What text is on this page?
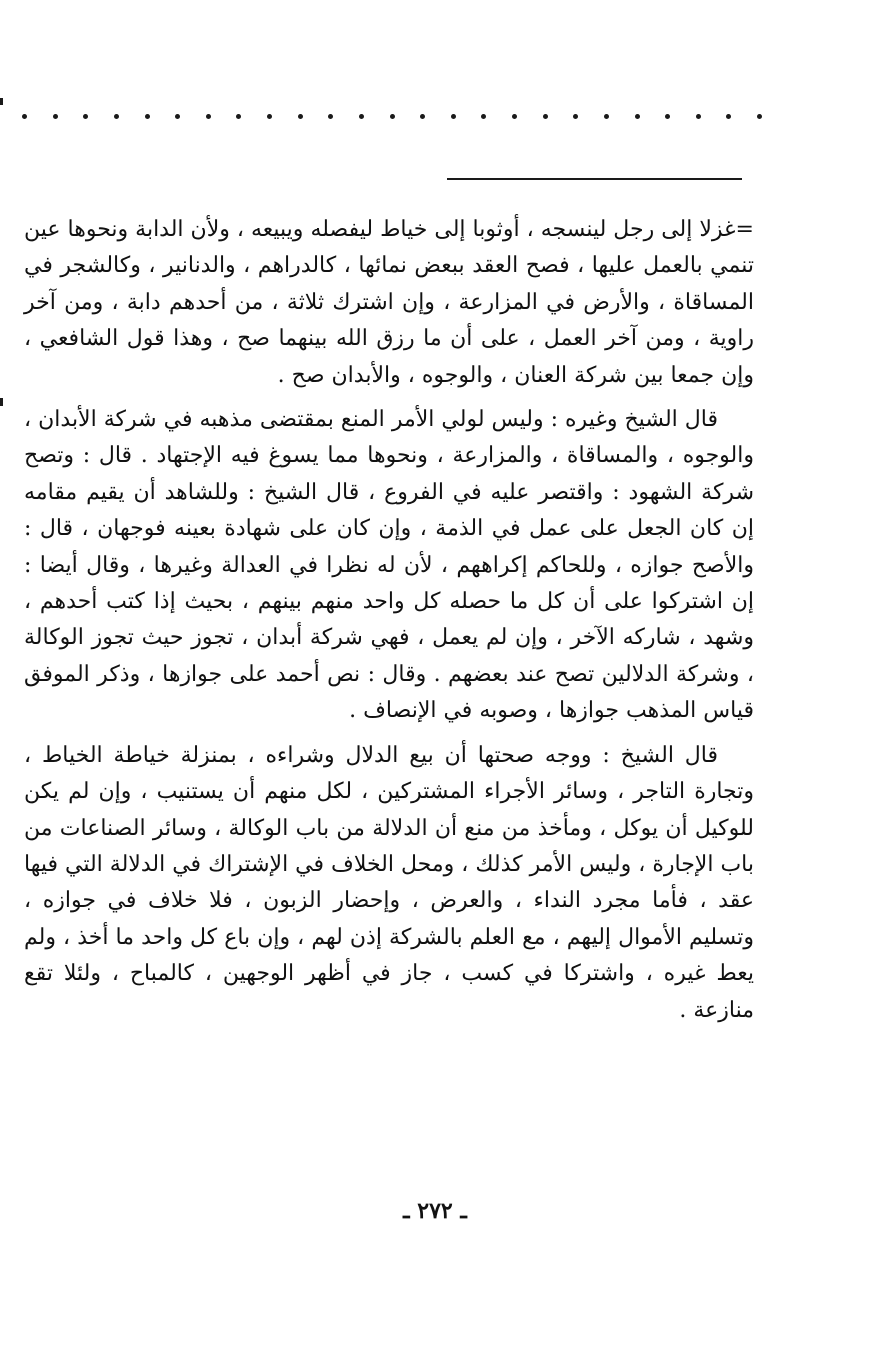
=غزلا إلى رجل لينسجه ، أوثوبا إلى خياط ليفصله ويبيعه ، ولأن الدابة ونحوها عين تنمي بالعمل عليها ، فصح العقد ببعض نمائها ، كالدراهم ، والدنانير ، وكالشجر في المساقاة ، والأرض في المزارعة ، وإن اشترك ثلاثة ، من أحدهم دابة ، ومن آخر راوية ، ومن آخر العمل ، على أن ما رزق الله بينهما صح ، وهذا قول الشافعي ، وإن جمعا بين شركة العنان ، والوجوه ، والأبدان صح .

قال الشيخ وغيره : وليس لولي الأمر المنع بمقتضى مذهبه في شركة الأبدان ، والوجوه ، والمساقاة ، والمزارعة ، ونحوها مما يسوغ فيه الإجتهاد . قال : وتصح شركة الشهود : واقتصر عليه في الفروع ، قال الشيخ : وللشاهد أن يقيم مقامه إن كان الجعل على عمل في الذمة ، وإن كان على شهادة بعينه فوجهان ، قال : والأصح جوازه ، وللحاكم إكراههم ، لأن له نظرا في العدالة وغيرها ، وقال أيضا : إن اشتركوا على أن كل ما حصله كل واحد منهم بينهم ، بحيث إذا كتب أحدهم ، وشهد ، شاركه الآخر ، وإن لم يعمل ، فهي شركة أبدان ، تجوز حيث تجوز الوكالة ، وشركة الدلالين تصح عند بعضهم . وقال : نص أحمد على جوازها ، وذكر الموفق قياس المذهب جوازها ، وصوبه في الإنصاف .

قال الشيخ : ووجه صحتها أن بيع الدلال وشراءه ، بمنزلة خياطة الخياط ، وتجارة التاجر ، وسائر الأجراء المشتركين ، لكل منهم أن يستنيب ، وإن لم يكن للوكيل أن يوكل ، ومأخذ من منع أن الدلالة من باب الوكالة ، وسائر الصناعات من باب الإجارة ، وليس الأمر كذلك ، ومحل الخلاف في الإشتراك في الدلالة التي فيها عقد ، فأما مجرد النداء ، والعرض ، وإحضار الزبون ، فلا خلاف في جوازه ، وتسليم الأموال إليهم ، مع العلم بالشركة إذن لهم ، وإن باع كل واحد ما أخذ ، ولم يعط غيره ، واشتركا في كسب ، جاز في أظهر الوجهين ، كالمباح ، ولئلا تقع منازعة .

ـ ٢٧٢ ـ
